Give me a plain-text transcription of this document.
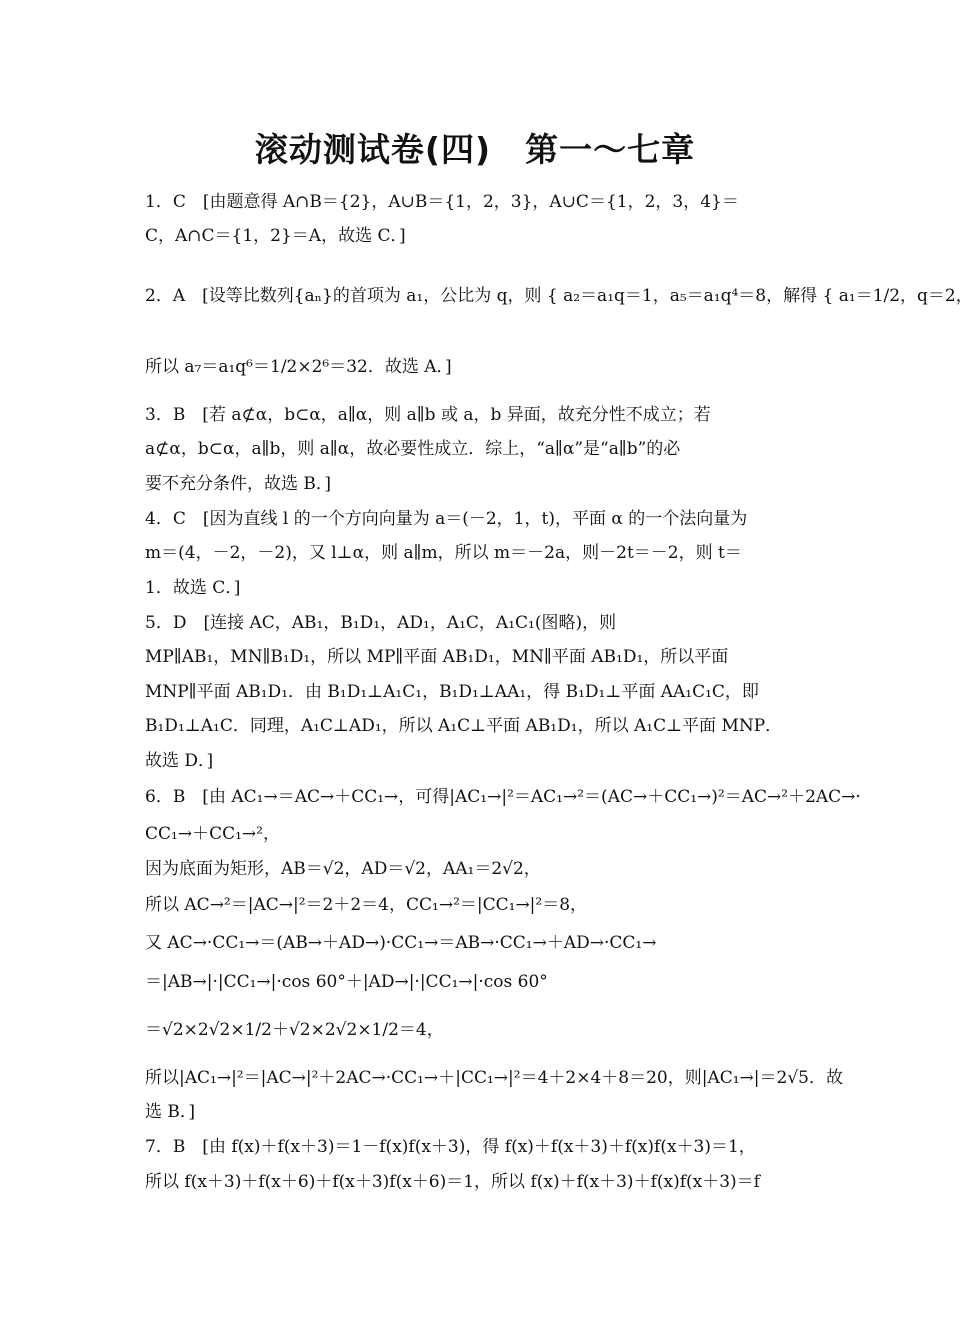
滚动测试卷(四)　第一～七章
1．C　[由题意得 A∩B＝{2}，A∪B＝{1，2，3}，A∪C＝{1，2，3，4}＝
C，A∩C＝{1，2}＝A，故选 C．]
2．A　[设等比数列{aₙ}的首项为 a₁，公比为 q，则 { a₂＝a₁q＝1，a₅＝a₁q⁴＝8，解得 { a₁＝1/2，q＝2，
所以 a₇＝a₁q⁶＝1/2×2⁶＝32．故选 A．]
3．B　[若 a⊄α，b⊂α，a∥α，则 a∥b 或 a，b 异面，故充分性不成立；若
a⊄α，b⊂α，a∥b，则 a∥α，故必要性成立．综上，“a∥α”是“a∥b”的必
要不充分条件，故选 B．]
4．C　[因为直线 l 的一个方向向量为 a＝(－2，1，t)，平面 α 的一个法向量为
m＝(4，－2，－2)，又 l⊥α，则 a∥m，所以 m＝－2a，则－2t＝－2，则 t＝
1．故选 C．]
5．D　[连接 AC，AB₁，B₁D₁，AD₁，A₁C，A₁C₁(图略)，则
MP∥AB₁，MN∥B₁D₁，所以 MP∥平面 AB₁D₁，MN∥平面 AB₁D₁，所以平面
MNP∥平面 AB₁D₁．由 B₁D₁⊥A₁C₁，B₁D₁⊥AA₁，得 B₁D₁⊥平面 AA₁C₁C，即
B₁D₁⊥A₁C．同理，A₁C⊥AD₁，所以 A₁C⊥平面 AB₁D₁，所以 A₁C⊥平面 MNP．
故选 D．]
6．B　[由 AC₁→＝AC→＋CC₁→，可得|AC₁→|²＝AC₁→²＝(AC→＋CC₁→)²＝AC→²＋2AC→·
CC₁→＋CC₁→²，
因为底面为矩形，AB＝√2，AD＝√2，AA₁＝2√2，
所以 AC→²＝|AC→|²＝2＋2＝4，CC₁→²＝|CC₁→|²＝8，
又 AC→·CC₁→＝(AB→＋AD→)·CC₁→＝AB→·CC₁→＋AD→·CC₁→
＝|AB→|·|CC₁→|·cos 60°＋|AD→|·|CC₁→|·cos 60°
＝√2×2√2×1/2＋√2×2√2×1/2＝4，
所以|AC₁→|²＝|AC→|²＋2AC→·CC₁→＋|CC₁→|²＝4＋2×4＋8＝20，则|AC₁→|＝2√5．故
选 B．]
7．B　[由 f(x)＋f(x＋3)＝1－f(x)f(x＋3)，得 f(x)＋f(x＋3)＋f(x)f(x＋3)＝1，
所以 f(x＋3)＋f(x＋6)＋f(x＋3)f(x＋6)＝1，所以 f(x)＋f(x＋3)＋f(x)f(x＋3)＝f
